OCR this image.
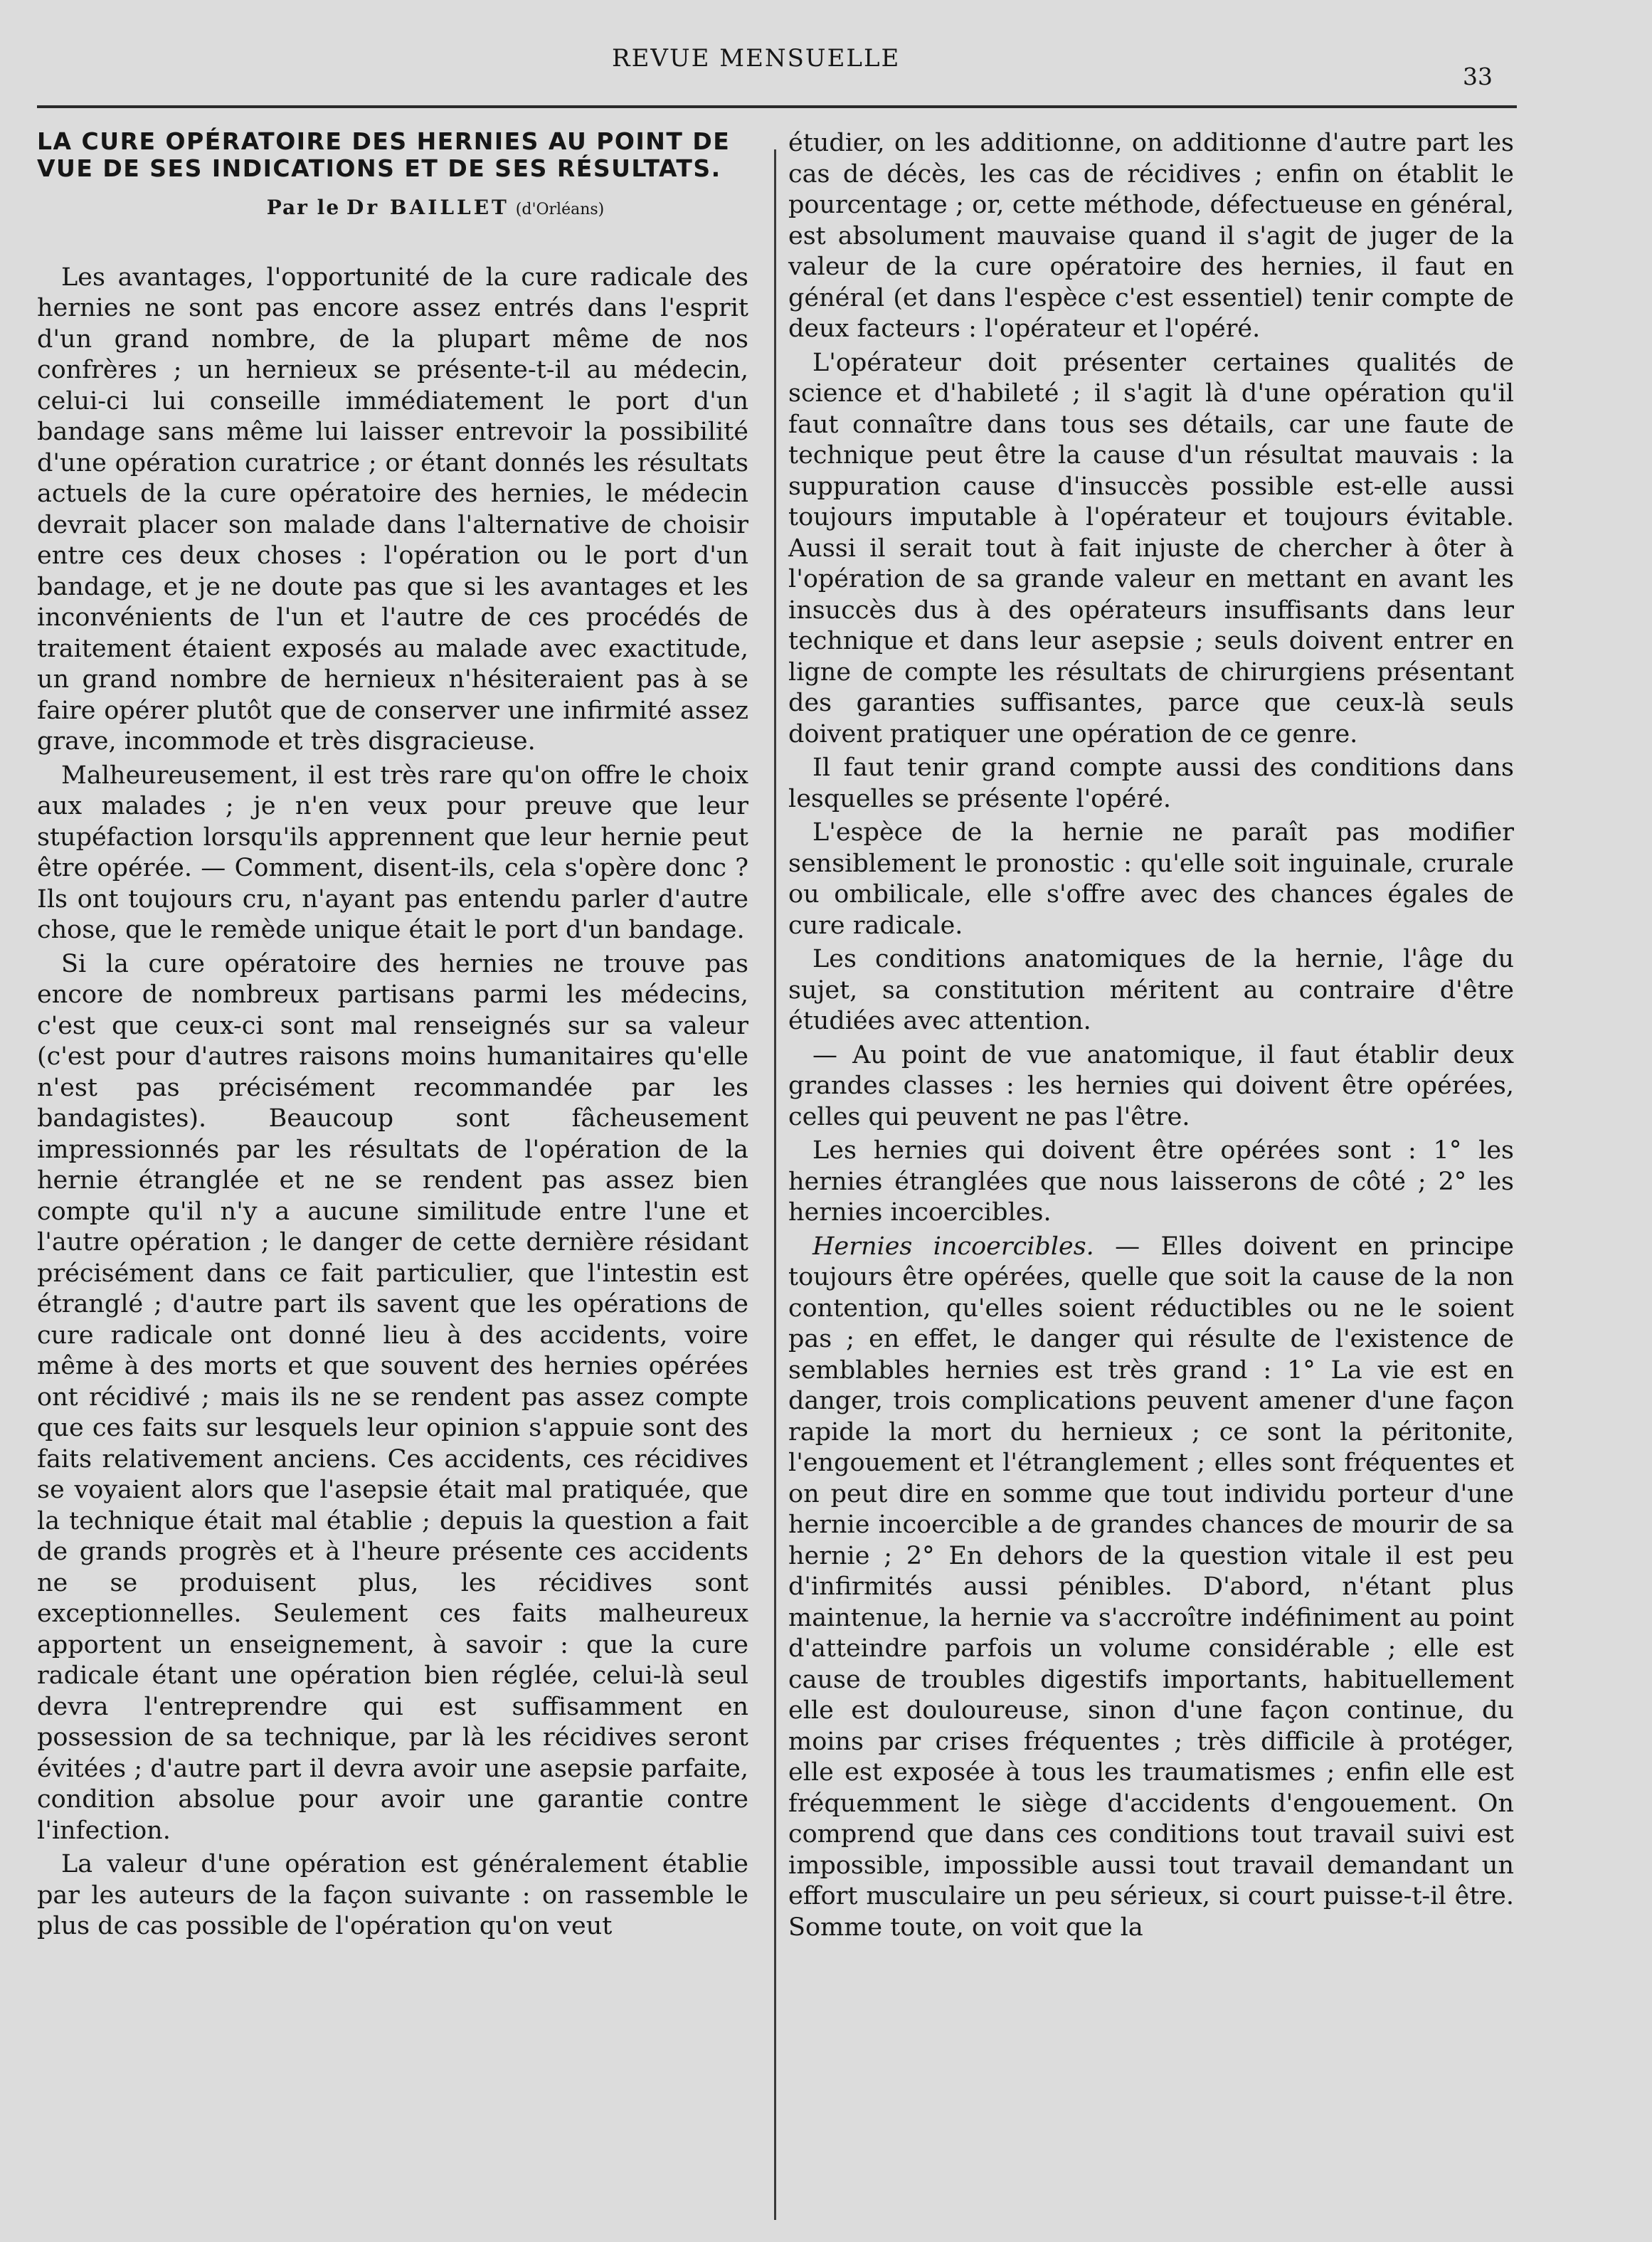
REVUE MENSUELLE
33
LA CURE OPÉRATOIRE DES HERNIES AU POINT DE VUE DE SES INDICATIONS ET DE SES RÉSULTATS.
Par le Dr BAILLET (d'Orléans)

Les avantages, l'opportunité de la cure radicale des hernies ne sont pas encore assez entrés dans l'esprit d'un grand nombre, de la plupart même de nos confrères ; un hernieux se présente-t-il au médecin, celui-ci lui conseille immédiatement le port d'un bandage sans même lui laisser entrevoir la possibilité d'une opération curatrice ; or étant donnés les résultats actuels de la cure opératoire des hernies, le médecin devrait placer son malade dans l'alternative de choisir entre ces deux choses : l'opération ou le port d'un bandage, et je ne doute pas que si les avantages et les inconvénients de l'un et l'autre de ces procédés de traitement étaient exposés au malade avec exactitude, un grand nombre de hernieux n'hésiteraient pas à se faire opérer plutôt que de conserver une infirmité assez grave, incommode et très disgracieuse.

Malheureusement, il est très rare qu'on offre le choix aux malades ; je n'en veux pour preuve que leur stupéfaction lorsqu'ils apprennent que leur hernie peut être opérée. — Comment, disent-ils, cela s'opère donc ? Ils ont toujours cru, n'ayant pas entendu parler d'autre chose, que le remède unique était le port d'un bandage.

Si la cure opératoire des hernies ne trouve pas encore de nombreux partisans parmi les médecins, c'est que ceux-ci sont mal renseignés sur sa valeur (c'est pour d'autres raisons moins humanitaires qu'elle n'est pas précisément recommandée par les bandagistes). Beaucoup sont fâcheusement impressionnés par les résultats de l'opération de la hernie étranglée et ne se rendent pas assez bien compte qu'il n'y a aucune similitude entre l'une et l'autre opération ; le danger de cette dernière résidant précisément dans ce fait particulier, que l'intestin est étranglé ; d'autre part ils savent que les opérations de cure radicale ont donné lieu à des accidents, voire même à des morts et que souvent des hernies opérées ont récidivé ; mais ils ne se rendent pas assez compte que ces faits sur lesquels leur opinion s'appuie sont des faits relativement anciens. Ces accidents, ces récidives se voyaient alors que l'asepsie était mal pratiquée, que la technique était mal établie ; depuis la question a fait de grands progrès et à l'heure présente ces accidents ne se produisent plus, les récidives sont exceptionnelles. Seulement ces faits malheureux apportent un enseignement, à savoir : que la cure radicale étant une opération bien réglée, celui-là seul devra l'entreprendre qui est suffisamment en possession de sa technique, par là les récidives seront évitées ; d'autre part il devra avoir une asepsie parfaite, condition absolue pour avoir une garantie contre l'infection.

La valeur d'une opération est généralement établie par les auteurs de la façon suivante : on rassemble le plus de cas possible de l'opération qu'on veut

étudier, on les additionne, on additionne d'autre part les cas de décès, les cas de récidives ; enfin on établit le pourcentage ; or, cette méthode, défectueuse en général, est absolument mauvaise quand il s'agit de juger de la valeur de la cure opératoire des hernies, il faut en général (et dans l'espèce c'est essentiel) tenir compte de deux facteurs : l'opérateur et l'opéré.

L'opérateur doit présenter certaines qualités de science et d'habileté ; il s'agit là d'une opération qu'il faut connaître dans tous ses détails, car une faute de technique peut être la cause d'un résultat mauvais : la suppuration cause d'insuccès possible est-elle aussi toujours imputable à l'opérateur et toujours évitable. Aussi il serait tout à fait injuste de chercher à ôter à l'opération de sa grande valeur en mettant en avant les insuccès dus à des opérateurs insuffisants dans leur technique et dans leur asepsie ; seuls doivent entrer en ligne de compte les résultats de chirurgiens présentant des garanties suffisantes, parce que ceux-là seuls doivent pratiquer une opération de ce genre.

Il faut tenir grand compte aussi des conditions dans lesquelles se présente l'opéré.

L'espèce de la hernie ne paraît pas modifier sensiblement le pronostic : qu'elle soit inguinale, crurale ou ombilicale, elle s'offre avec des chances égales de cure radicale.

Les conditions anatomiques de la hernie, l'âge du sujet, sa constitution méritent au contraire d'être étudiées avec attention.

— Au point de vue anatomique, il faut établir deux grandes classes : les hernies qui doivent être opérées, celles qui peuvent ne pas l'être.

Les hernies qui doivent être opérées sont : 1° les hernies étranglées que nous laisserons de côté ; 2° les hernies incoercibles.

Hernies incoercibles. — Elles doivent en principe toujours être opérées, quelle que soit la cause de la non contention, qu'elles soient réductibles ou ne le soient pas ; en effet, le danger qui résulte de l'existence de semblables hernies est très grand : 1° La vie est en danger, trois complications peuvent amener d'une façon rapide la mort du hernieux ; ce sont la péritonite, l'engouement et l'étranglement ; elles sont fréquentes et on peut dire en somme que tout individu porteur d'une hernie incoercible a de grandes chances de mourir de sa hernie ; 2° En dehors de la question vitale il est peu d'infirmités aussi pénibles. D'abord, n'étant plus maintenue, la hernie va s'accroître indéfiniment au point d'atteindre parfois un volume considérable ; elle est cause de troubles digestifs importants, habituellement elle est douloureuse, sinon d'une façon continue, du moins par crises fréquentes ; très difficile à protéger, elle est exposée à tous les traumatismes ; enfin elle est fréquemment le siège d'accidents d'engouement. On comprend que dans ces conditions tout travail suivi est impossible, impossible aussi tout travail demandant un effort musculaire un peu sérieux, si court puisse-t-il être. Somme toute, on voit que la
